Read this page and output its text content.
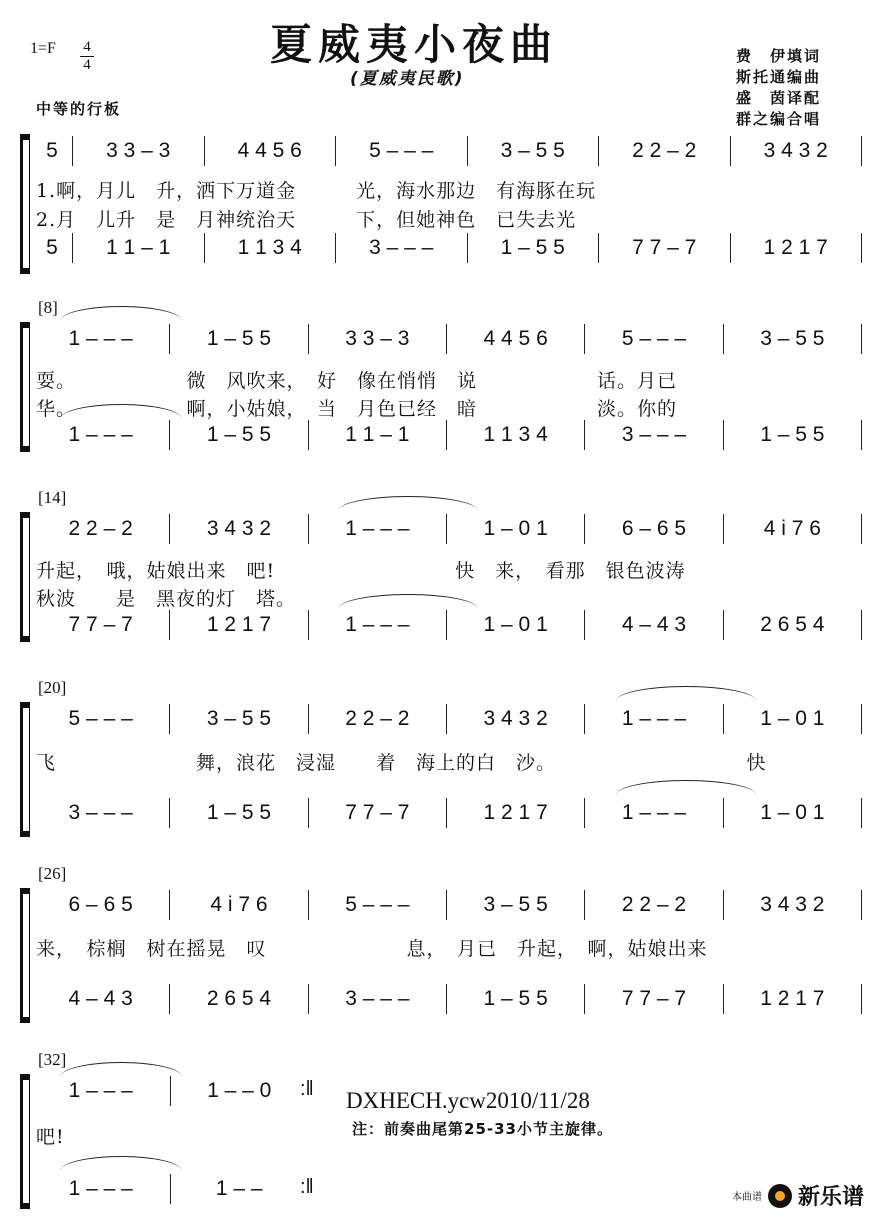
1=F 4
4
中等的行板
夏威夷小夜曲
(夏威夷民歌)
费　伊填词
斯托通编曲
盛　茵译配
群之编合唱
5 3 3 – 3	4 4 5 6	5 – – –	3 – 5 5	2 2 – 2	3 4 3 2
1.啊，月儿　升，洒下万道金　　　光，海水那边　有海豚在玩
2.月　儿升　是　月神统治天　　　下，但她神色　已失去光
5 1 1 – 1	1 1 3 4	3 – – –	1 – 5 5	7 7 – 7	1 2 1 7
[8]
1 – – –	1 – 5 5	3 3 – 3	4 4 5 6	5 – – –	3 – 5 5
耍。　　　　　　微　风吹来，　好　像在悄悄　说　　　　　　话。月已
华。　　　　　　啊，小姑娘，　当　月色已经　暗　　　　　　淡。你的
1 – – –	1 – 5 5	1 1 – 1	1 1 3 4	3 – – –	1 – 5 5
[14]
2 2 – 2	3 4 3 2	1 – – –	1 – 0 1	6 – 6 5	4 i 7 6
升起，　哦，姑娘出来　吧!　　　　　　　　　快　来，　看那　银色波涛
秋波　　是　黑夜的灯　塔。
7 7 – 7	1 2 1 7	1 – – –	1 – 0 1	4 – 4 3	2 6 5 4
[20]
5 – – –	3 – 5 5	2 2 – 2	3 4 3 2	1 – – –	1 – 0 1
飞　　　　　　　舞，浪花　浸湿　　着　海上的白　沙。　　　　　　　　　　快
3 – – –	1 – 5 5	7 7 – 7	1 2 1 7	1 – – –	1 – 0 1
[26]
6 – 6 5	4 i 7 6	5 – – –	3 – 5 5	2 2 – 2	3 4 3 2
来，　棕榈　树在摇晃　叹　　　　　　　息，　月已　升起，　啊，姑娘出来
4 – 4 3	2 6 5 4	3 – – –	1 – 5 5	7 7 – 7	1 2 1 7
[32]
1 – – –	1 – – 0 :‖
吧!
1 – – –	1 – – :‖
DXHECH.ycw2010/11/28
注：前奏曲尾第25-33小节主旋律。
本曲谱 新乐谱
